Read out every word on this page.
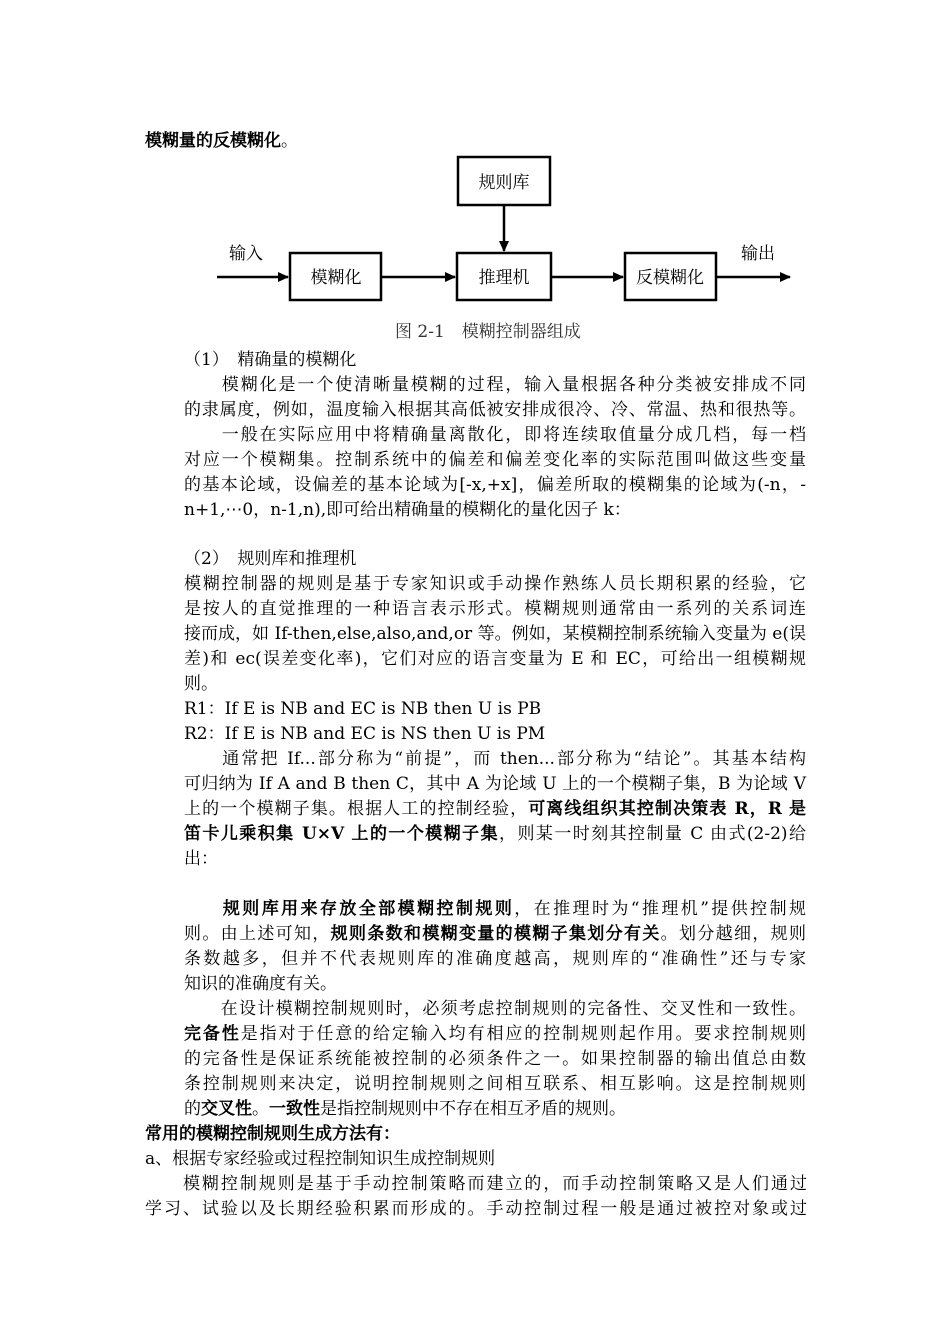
模糊量的反模糊化。
规则库
模糊化	推理机	反模糊化
输入	输出
图 2-1　模糊控制器组成
（1）　精确量的模糊化
　　模糊化是一个使清晰量模糊的过程，输入量根据各种分类被安排成不同
的隶属度，例如，温度输入根据其高低被安排成很冷、冷、常温、热和很热等。
　　一般在实际应用中将精确量离散化，即将连续取值量分成几档，每一档
对应一个模糊集。控制系统中的偏差和偏差变化率的实际范围叫做这些变量
的基本论域，设偏差的基本论域为[-x,+x]，偏差所取的模糊集的论域为(-n，-
n+1,⋯0，n-1,n),即可给出精确量的模糊化的量化因子 k：
（2）　规则库和推理机
模糊控制器的规则是基于专家知识或手动操作熟练人员长期积累的经验，它
是按人的直觉推理的一种语言表示形式。模糊规则通常由一系列的关系词连
接而成，如 If-then,else,also,and,or 等。例如，某模糊控制系统输入变量为 e(误
差)和 ec(误差变化率)，它们对应的语言变量为 E 和 EC，可给出一组模糊规
则。
R1：If E is NB and EC is NB then U is PB
R2：If E is NB and EC is NS then U is PM
　　通常把 If...部分称为“前提”，而 then...部分称为“结论”。其基本结构
可归纳为 If A and B then C，其中 A 为论域 U 上的一个模糊子集，B 为论域 V
上的一个模糊子集。根据人工的控制经验，可离线组织其控制决策表 R，R 是
笛卡儿乘积集 U×V 上的一个模糊子集，则某一时刻其控制量 C 由式(2-2)给
出：
　　规则库用来存放全部模糊控制规则，在推理时为“推理机”提供控制规
则。由上述可知，规则条数和模糊变量的模糊子集划分有关。划分越细，规则
条数越多，但并不代表规则库的准确度越高，规则库的“准确性”还与专家
知识的准确度有关。
　　在设计模糊控制规则时，必须考虑控制规则的完备性、交叉性和一致性。
完备性是指对于任意的给定输入均有相应的控制规则起作用。要求控制规则
的完备性是保证系统能被控制的必须条件之一。如果控制器的输出值总由数
条控制规则来决定，说明控制规则之间相互联系、相互影响。这是控制规则
的交叉性。一致性是指控制规则中不存在相互矛盾的规则。
常用的模糊控制规则生成方法有：
a、根据专家经验或过程控制知识生成控制规则
　　模糊控制规则是基于手动控制策略而建立的，而手动控制策略又是人们通过
学习、试验以及长期经验积累而形成的。手动控制过程一般是通过被控对象或过
